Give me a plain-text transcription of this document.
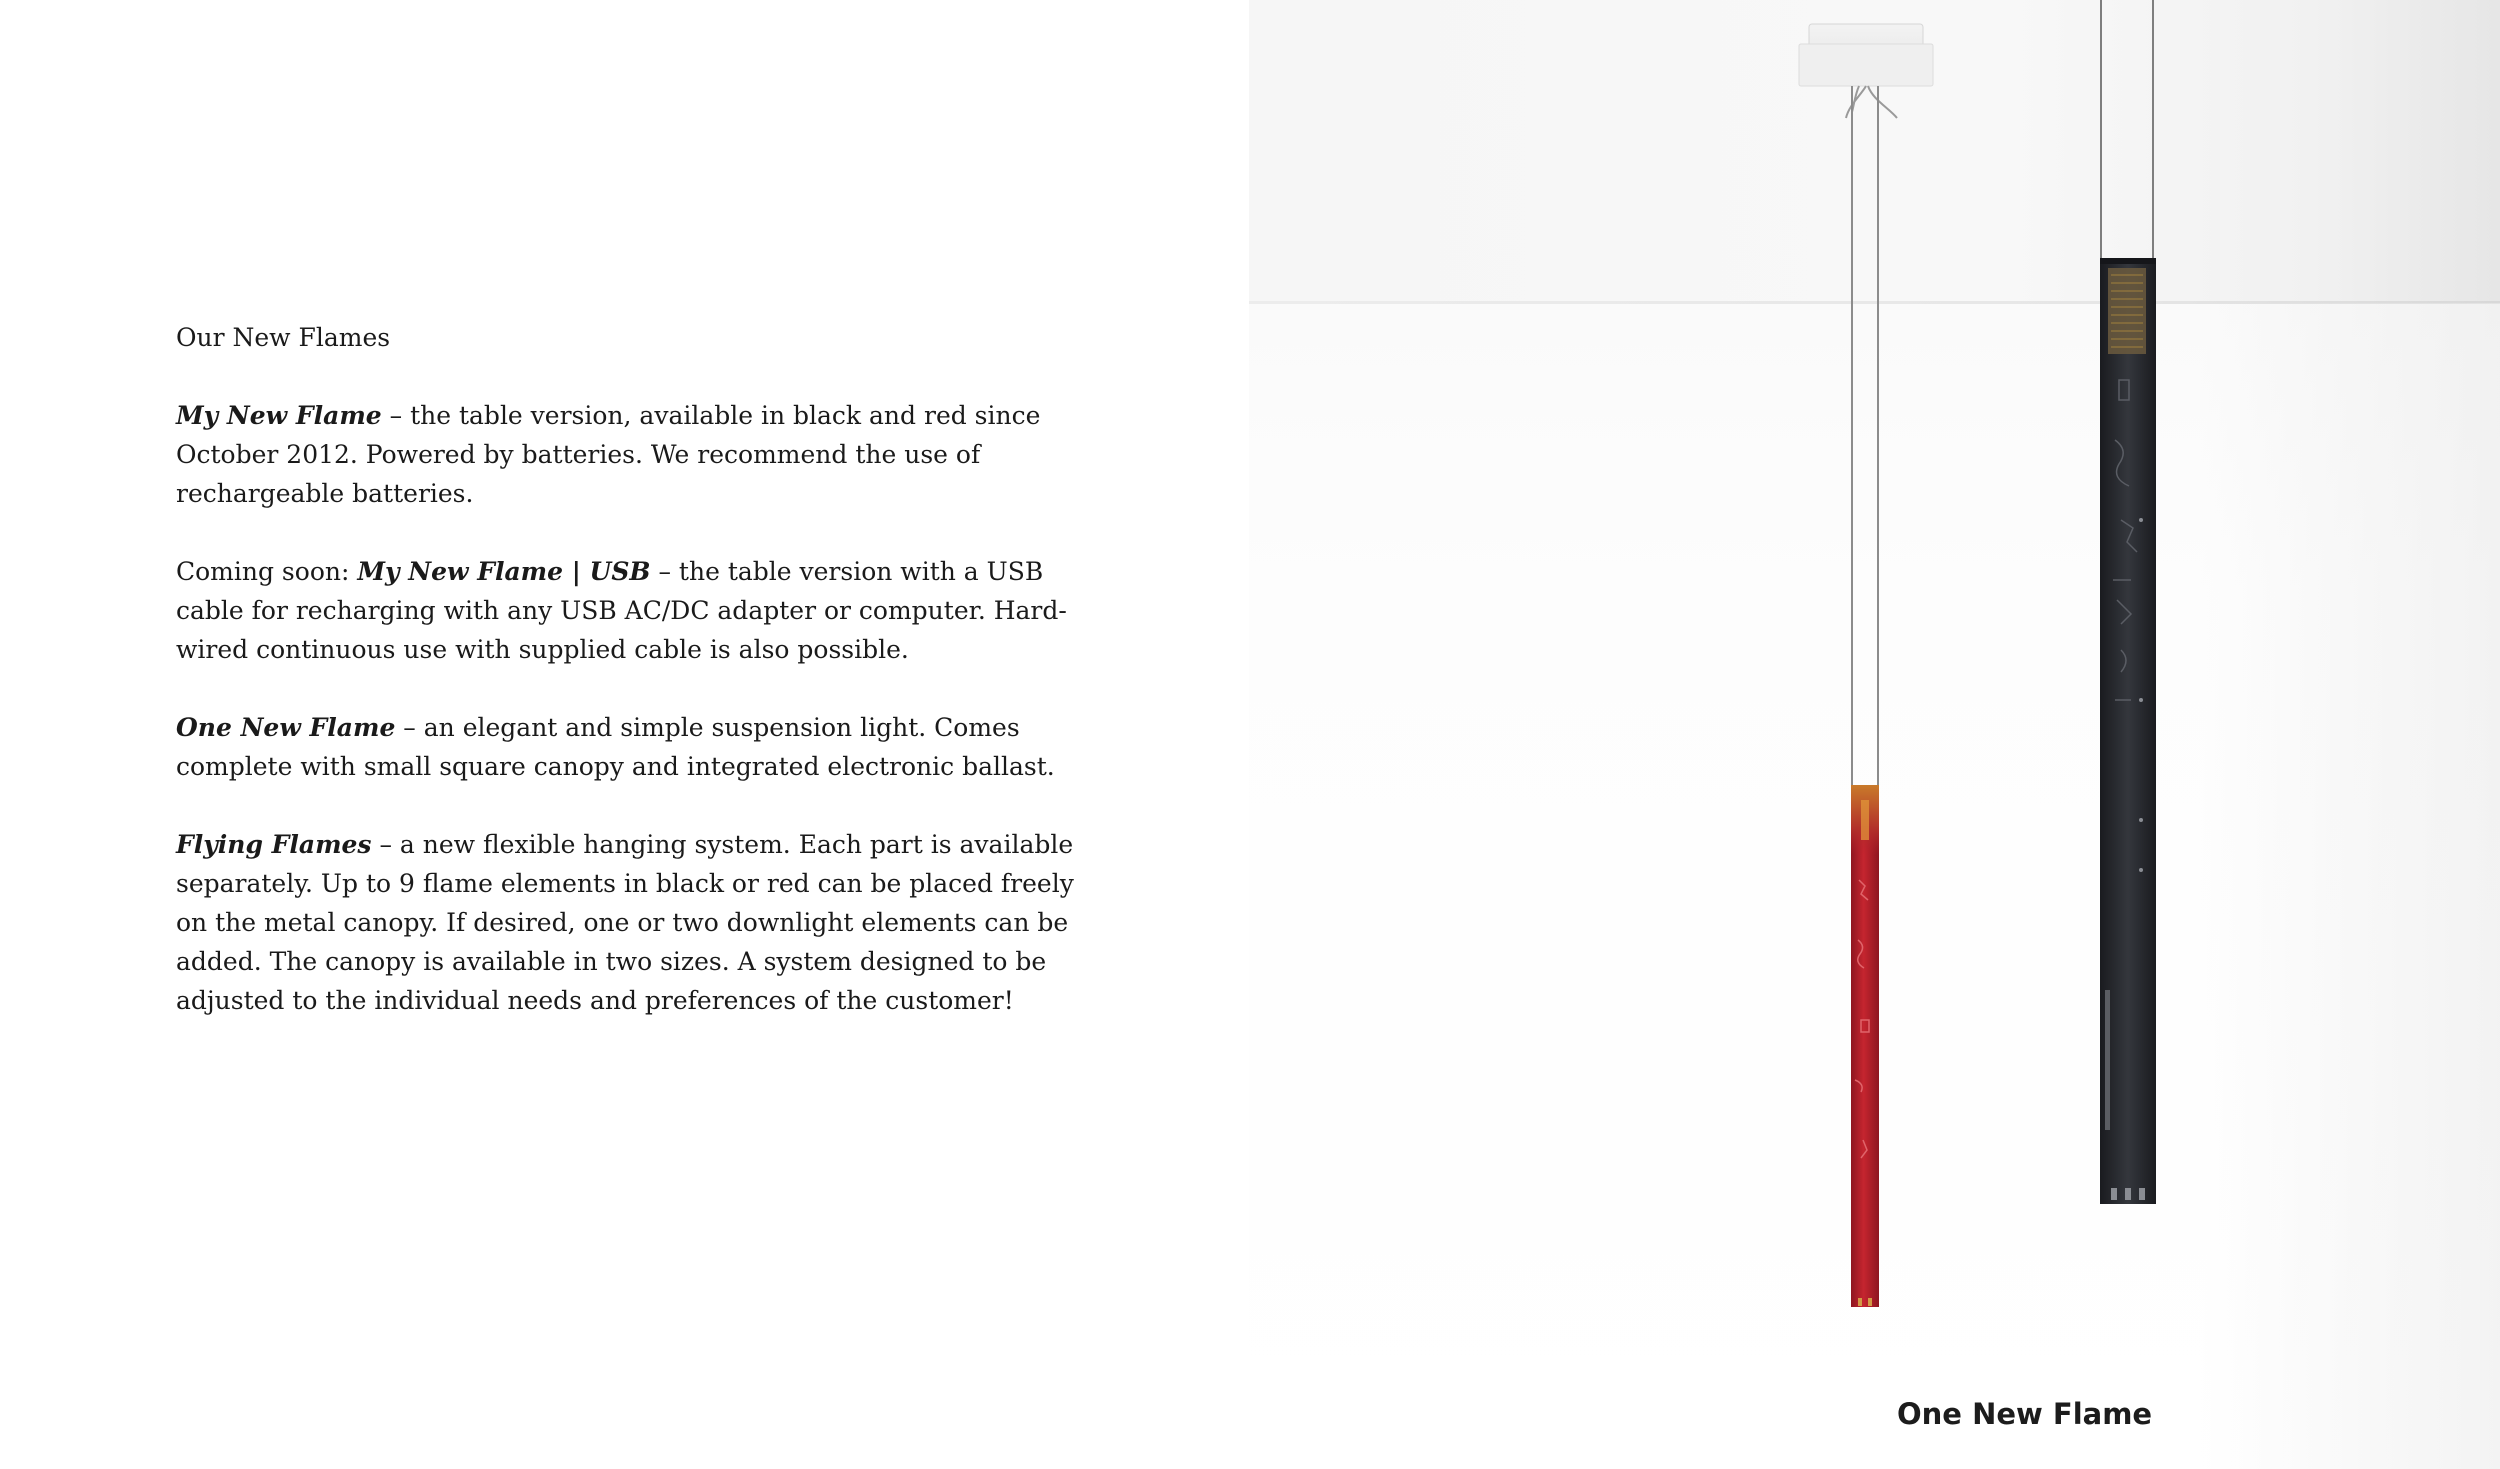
Our New Flames

My New Flame – the table version, available in black and red since October 2012. Powered by batteries. We recommend the use of rechargeable batteries.

Coming soon: My New Flame | USB – the table version with a USB cable for recharging with any USB AC/DC adapter or computer. Hard-wired continuous use with supplied cable is also possible.

One New Flame – an elegant and simple suspension light. Comes complete with small square canopy and integrated electronic ballast.

Flying Flames – a new flexible hanging system. Each part is available separately. Up to 9 flame elements in black or red can be placed freely on the metal canopy. If desired, one or two downlight elements can be added. The canopy is available in two sizes. A system designed to be adjusted to the individual needs and preferences of the customer!

One New Flame
